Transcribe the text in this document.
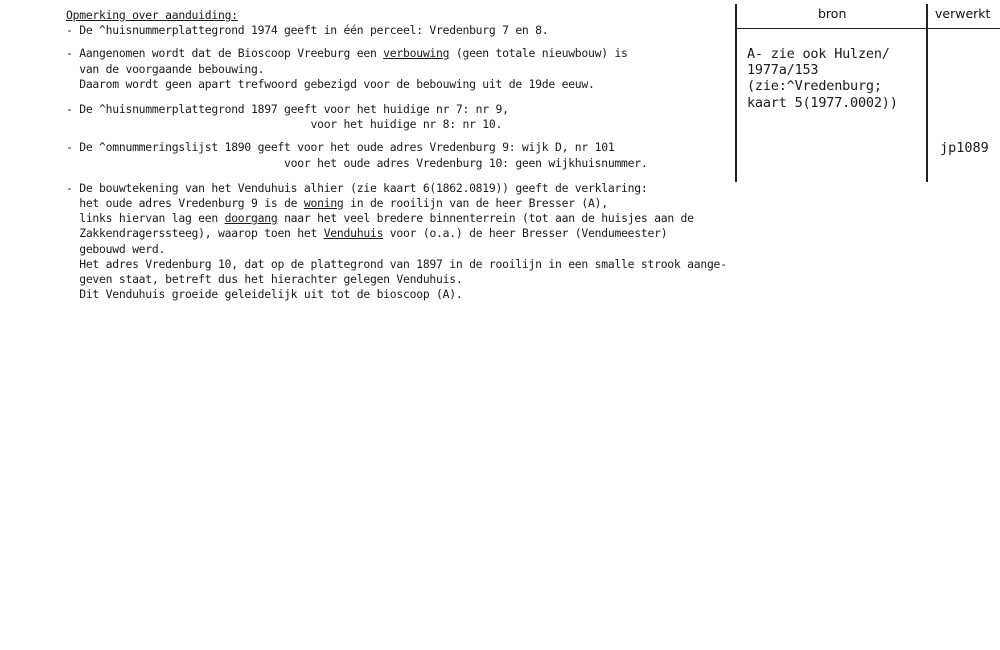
Opmerking over aanduiding:
- De ^huisnummerplattegrond 1974 geeft in één perceel: Vredenburg 7 en 8.
- Aangenomen wordt dat de Bioscoop Vreeburg een verbouwing (geen totale nieuwbouw) is
van de voorgaande bebouwing.
Daarom wordt geen apart trefwoord gebezigd voor de bebouwing uit de 19de eeuw.
- De ^huisnummerplattegrond 1897 geeft voor het huidige nr 7: nr 9,
voor het huidige nr 8: nr 10.
- De ^omnummeringslijst 1890 geeft voor het oude adres Vredenburg 9: wijk D, nr 101
voor het oude adres Vredenburg 10: geen wijkhuisnummer.
- De bouwtekening van het Venduhuis alhier (zie kaart 6(1862.0819)) geeft de verklaring:
het oude adres Vredenburg 9 is de woning in de rooilijn van de heer Bresser (A),
links hiervan lag een doorgang naar het veel bredere binnenterrein (tot aan de huisjes aan de
Zakkendragerssteeg), waarop toen het Venduhuis voor (o.a.) de heer Bresser (Vendumeester)
gebouwd werd.
Het adres Vredenburg 10, dat op de plattegrond van 1897 in de rooilijn in een smalle strook aange-
geven staat, betreft dus het hierachter gelegen Venduhuis.
Dit Venduhuis groeide geleidelijk uit tot de bioscoop (A).
bron	verwerkt
A- zie ook Hulzen/
1977a/153
(zie:^Vredenburg;
kaart 5(1977.0002))
jp1089
